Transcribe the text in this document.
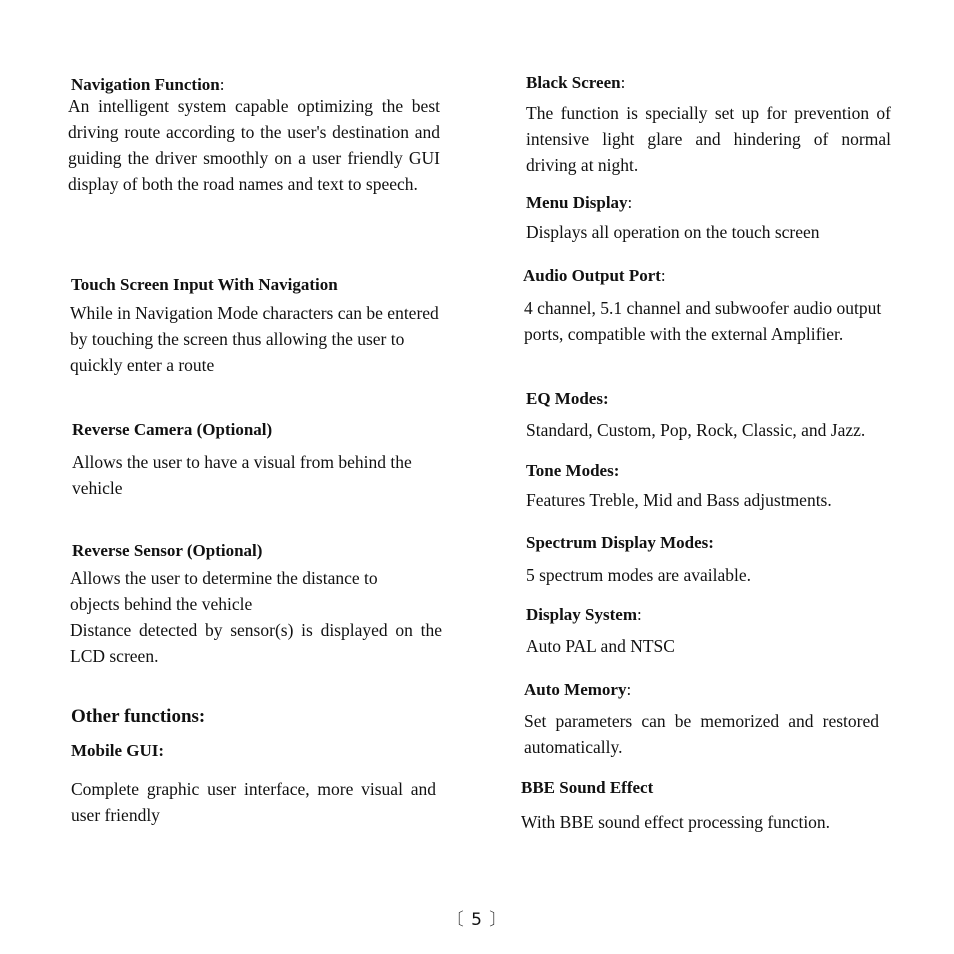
Navigation Function:
An intelligent system capable optimizing the best driving route according to the user's destination and guiding the driver smoothly on a user friendly GUI display of both the road names and text to speech.
Touch Screen Input With Navigation
While in Navigation Mode characters can be entered by touching the screen thus allowing the user to quickly enter a route
Reverse Camera (Optional)
Allows the user to have a visual from behind the vehicle
Reverse Sensor (Optional)
Allows the user to determine the distance to objects behind the vehicle
Distance detected by sensor(s) is displayed on the LCD screen.
Other functions:
Mobile GUI:
Complete graphic user interface, more visual and user friendly
Black Screen:
The function is specially set up for prevention of intensive light glare and hindering of normal driving at night.
Menu Display:
Displays all operation on the touch screen
Audio Output Port:
4 channel, 5.1 channel and subwoofer audio output ports, compatible with the external Amplifier.
EQ Modes:
Standard, Custom, Pop, Rock, Classic, and Jazz.
Tone Modes:
Features Treble, Mid and Bass adjustments.
Spectrum Display Modes:
5 spectrum modes are available.
Display System:
Auto PAL and NTSC
Auto Memory:
Set parameters can be memorized and restored automatically.
BBE Sound Effect
With BBE sound effect processing function.
〔 5 〕
